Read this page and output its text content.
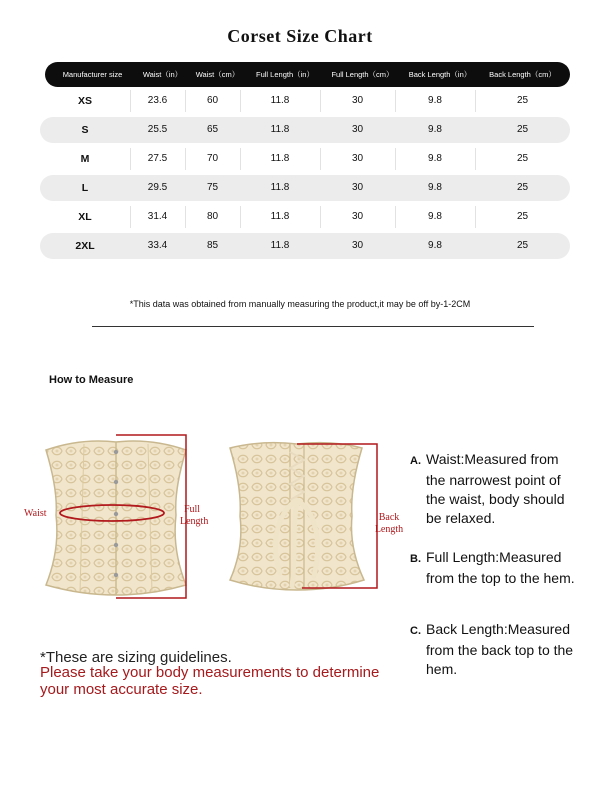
Corset Size Chart
Manufacturer size	Waist（in）	Waist（cm）	Full Length（in）	Full Length（cm）	Back Length（in）	Back Length（cm）
XS	23.6	60	11.8	30	9.8	25
S	25.5	65	11.8	30	9.8	25
M	27.5	70	11.8	30	9.8	25
L	29.5	75	11.8	30	9.8	25
XL	31.4	80	11.8	30	9.8	25
2XL	33.4	85	11.8	30	9.8	25
*This data was obtained from manually measuring the product,it may be off by-1-2CM
How to Measure
Waist	Full
Length	Back
Length
A. Waist:Measured from
the narrowest point of
the waist, body should
be relaxed.
B. Full Length:Measured
from the top to the hem.
C. Back Length:Measured
from the back top to the
hem.
*These are sizing guidelines.
Please take your body measurements to determine your most accurate size.
